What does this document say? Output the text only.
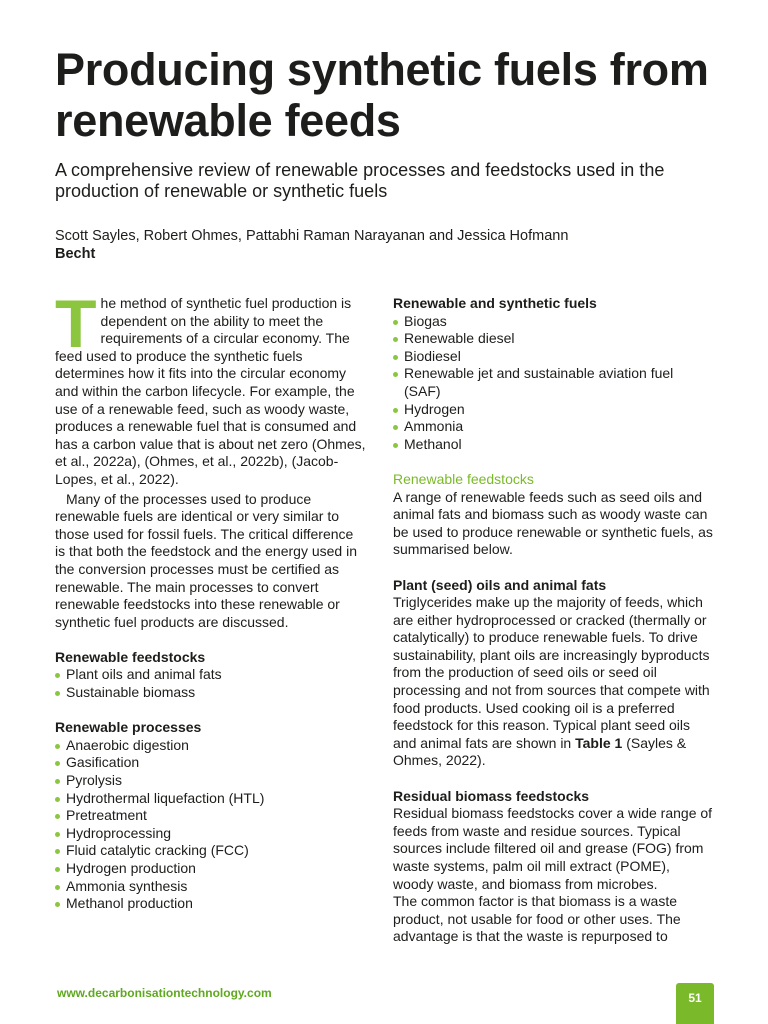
Producing synthetic fuels from renewable feeds

A comprehensive review of renewable processes and feedstocks used in the production of renewable or synthetic fuels

Scott Sayles, Robert Ohmes, Pattabhi Raman Narayanan and Jessica Hofmann
Becht

The method of synthetic fuel production is dependent on the ability to meet the requirements of a circular economy. The feed used to produce the synthetic fuels determines how it fits into the circular economy and within the carbon lifecycle. For example, the use of a renewable feed, such as woody waste, produces a renewable fuel that is consumed and has a carbon value that is about net zero (Ohmes, et al., 2022a), (Ohmes, et al., 2022b), (Jacob-Lopes, et al., 2022).

Many of the processes used to produce renewable fuels are identical or very similar to those used for fossil fuels. The critical difference is that both the feedstock and the energy used in the conversion processes must be certified as renewable. The main processes to convert renewable feedstocks into these renewable or synthetic fuel products are discussed.

Renewable feedstocks
Plant oils and animal fats
Sustainable biomass
Renewable processes
Anaerobic digestion
Gasification
Pyrolysis
Hydrothermal liquefaction (HTL)
Pretreatment
Hydroprocessing
Fluid catalytic cracking (FCC)
Hydrogen production
Ammonia synthesis
Methanol production
Renewable and synthetic fuels
Biogas
Renewable diesel
Biodiesel
Renewable jet and sustainable aviation fuel (SAF)
Hydrogen
Ammonia
Methanol
Renewable feedstocks

A range of renewable feeds such as seed oils and animal fats and biomass such as woody waste can be used to produce renewable or synthetic fuels, as summarised below.

Plant (seed) oils and animal fats

Triglycerides make up the majority of feeds, which are either hydroprocessed or cracked (thermally or catalytically) to produce renewable fuels. To drive sustainability, plant oils are increasingly byproducts from the production of seed oils or seed oil processing and not from sources that compete with food products. Used cooking oil is a preferred feedstock for this reason. Typical plant seed oils and animal fats are shown in Table 1 (Sayles & Ohmes, 2022).

Residual biomass feedstocks

Residual biomass feedstocks cover a wide range of feeds from waste and residue sources. Typical sources include filtered oil and grease (FOG) from waste systems, palm oil mill extract (POME), woody waste, and biomass from microbes.

The common factor is that biomass is a waste product, not usable for food or other uses. The advantage is that the waste is repurposed to

www.decarbonisationtechnology.com	51
